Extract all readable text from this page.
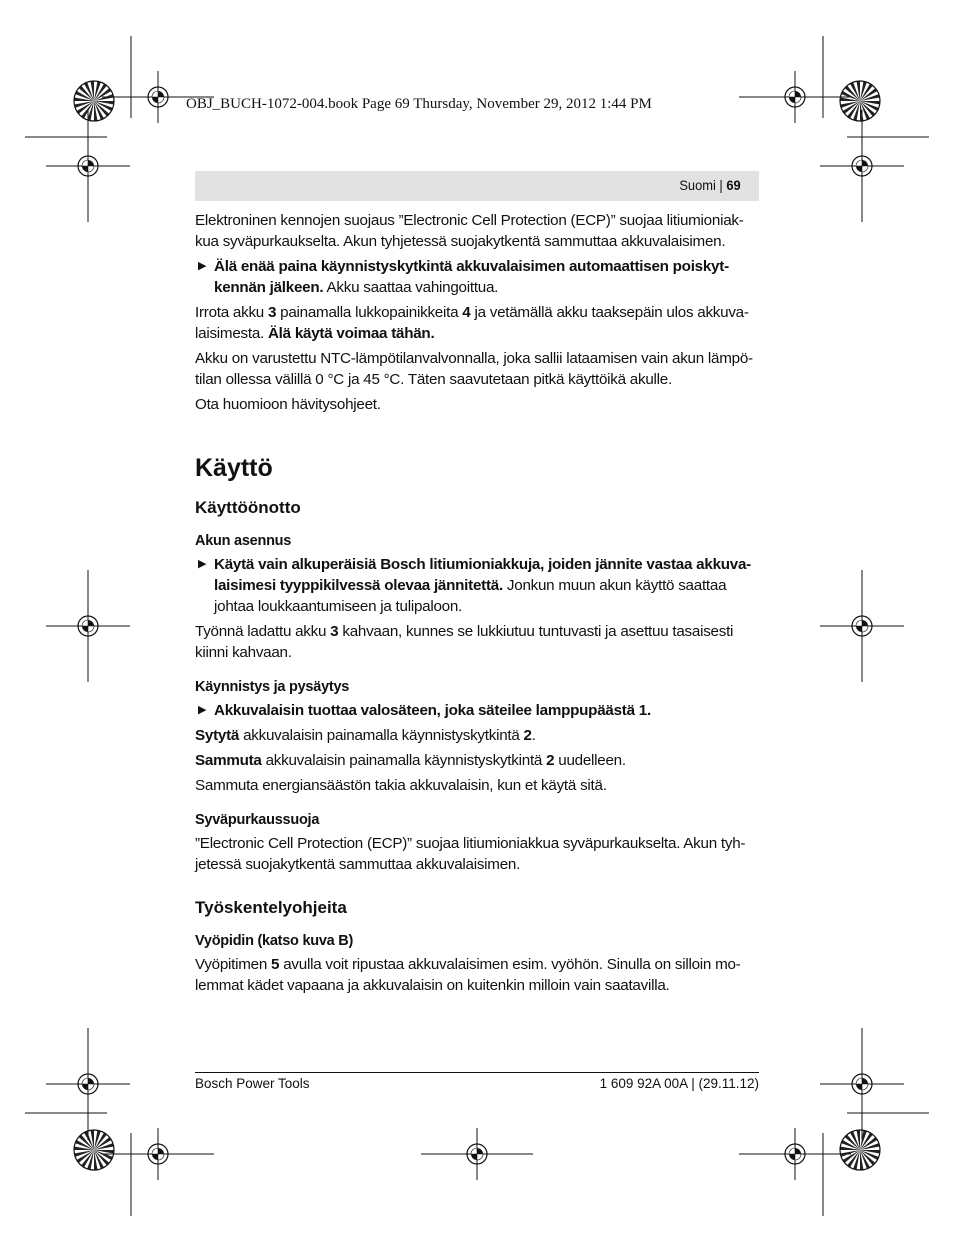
OBJ_BUCH-1072-004.book Page 69 Thursday, November 29, 2012 1:44 PM
Suomi | 69

Elektroninen kennojen suojaus ”Electronic Cell Protection (ECP)” suojaa litiumioniak-kua syväpurkaukselta. Akun tyhjetessä suojakytkentä sammuttaa akkuvalaisimen.

▶ Älä enää paina käynnistyskytkintä akkuvalaisimen automaattisen poiskyt-kennän jälkeen. Akku saattaa vahingoittua.

Irrota akku 3 painamalla lukkopainikkeita 4 ja vetämällä akku taaksepäin ulos akkuva-laisimesta. Älä käytä voimaa tähän.

Akku on varustettu NTC-lämpötilanvalvonnalla, joka sallii lataamisen vain akun lämpö-tilan ollessa välillä 0 °C ja 45 °C. Täten saavutetaan pitkä käyttöikä akulle.

Ota huomioon hävitysohjeet.

Käyttö
Käyttöönotto
Akun asennus
▶ Käytä vain alkuperäisiä Bosch litiumioniakkuja, joiden jännite vastaa akkuva-laisimesi tyyppikilvessä olevaa jännitettä. Jonkun muun akun käyttö saattaa johtaa loukkaantumiseen ja tulipaloon.

Työnnä ladattu akku 3 kahvaan, kunnes se lukkiutuu tuntuvasti ja asettuu tasaisesti kiinni kahvaan.

Käynnistys ja pysäytys
▶ Akkuvalaisin tuottaa valosäteen, joka säteilee lamppupäästä 1.

Sytytä akkuvalaisin painamalla käynnistyskytkintä 2.

Sammuta akkuvalaisin painamalla käynnistyskytkintä 2 uudelleen.

Sammuta energiansäästön takia akkuvalaisin, kun et käytä sitä.

Syväpurkaussuoja

”Electronic Cell Protection (ECP)” suojaa litiumioniakkua syväpurkaukselta. Akun tyh-jetessä suojakytkentä sammuttaa akkuvalaisimen.

Työskentelyohjeita
Vyöpidin (katso kuva B)

Vyöpitimen 5 avulla voit ripustaa akkuvalaisimen esim. vyöhön. Sinulla on silloin mo-lemmat kädet vapaana ja akkuvalaisin on kuitenkin milloin vain saatavilla.

Bosch Power Tools	1 609 92A 00A | (29.11.12)
